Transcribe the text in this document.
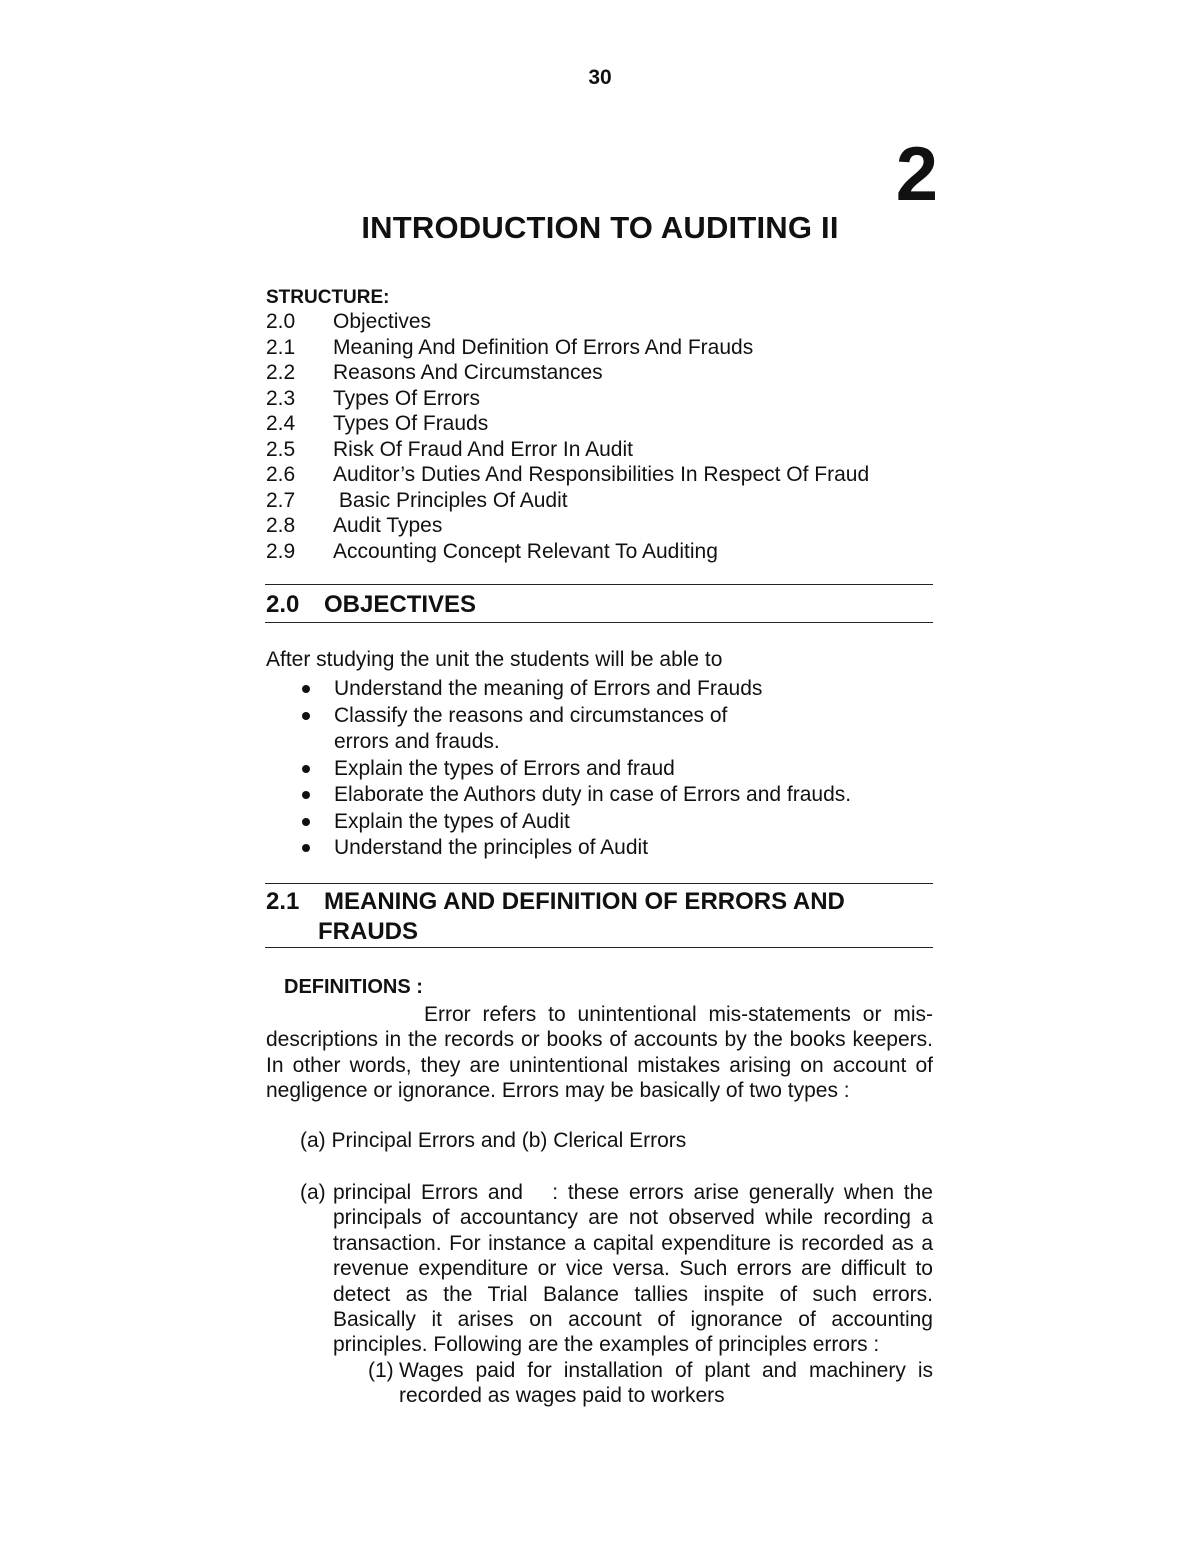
30
2
INTRODUCTION TO AUDITING II
STRUCTURE:
2.0 Objectives
2.1 Meaning And Definition Of Errors And Frauds
2.2 Reasons And Circumstances
2.3 Types Of Errors
2.4 Types Of Frauds
2.5 Risk Of Fraud And Error In Audit
2.6 Auditor’s Duties And Responsibilities In Respect Of Fraud
2.7 Basic Principles Of Audit
2.8 Audit Types
2.9 Accounting Concept Relevant To Auditing
2.0 OBJECTIVES
After studying the unit the students will be able to
Understand the meaning of Errors and Frauds
Classify the reasons and circumstances of errors and frauds.
Explain the types of Errors and fraud
Elaborate the Authors duty in case of Errors and frauds.
Explain the types of Audit
Understand the principles of Audit
2.1 MEANING AND DEFINITION OF ERRORS AND
FRAUDS
DEFINITIONS :

Error refers to unintentional mis-statements or mis-descriptions in the records or books of accounts by the books keepers. In other words, they are unintentional mistakes arising on account of negligence or ignorance. Errors may be basically of two types :

(a) Principal Errors and (b) Clerical Errors
(a) principal Errors and   : these errors arise generally when the principals of accountancy are not observed while recording a transaction. For instance a capital expenditure is recorded as a revenue expenditure or vice versa. Such errors are difficult to detect as the Trial Balance tallies inspite of such errors. Basically it arises on account of ignorance of accounting principles. Following are the examples of principles errors :
(1) Wages paid for installation of plant and machinery is recorded as wages paid to workers
